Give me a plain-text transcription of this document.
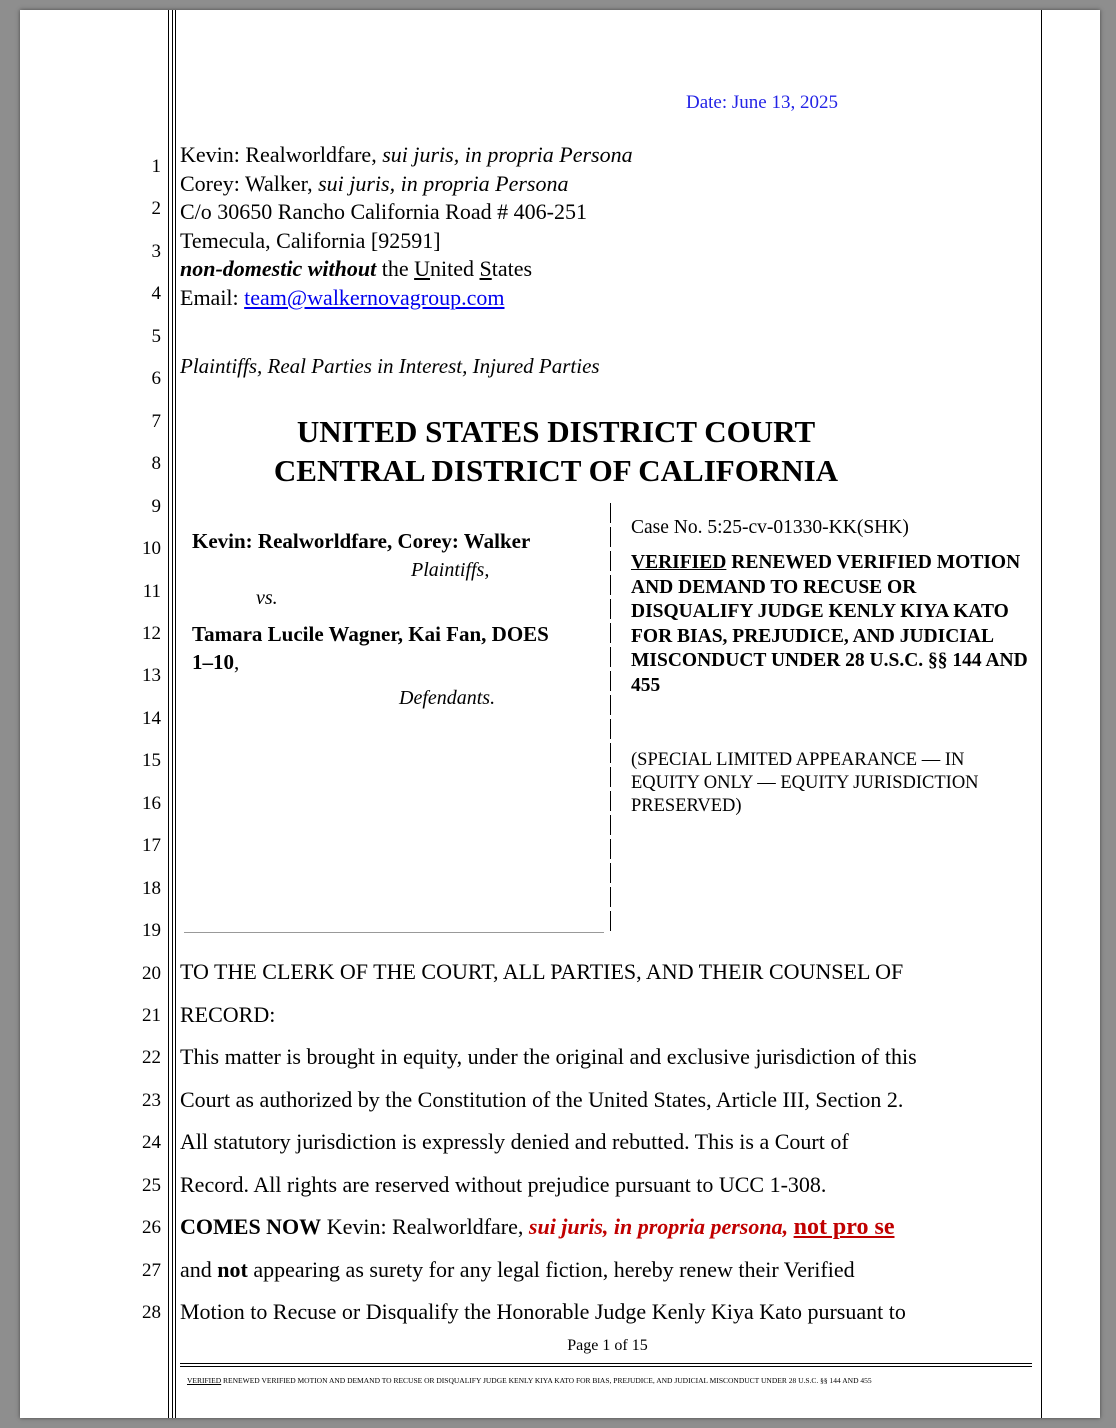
Date: June 13, 2025
1
2
3
4
5
6
7
8
9
10
11
12
13
14
15
16
17
18
19
20
21
22
23
24
25
26
27
28
Kevin: Realworldfare, sui juris, in propria Persona
Corey: Walker, sui juris, in propria Persona
C/o 30650 Rancho California Road # 406-251
Temecula, California [92591]
non-domestic without the United States
Email: team@walkernovagroup.com
Plaintiffs, Real Parties in Interest, Injured Parties
UNITED STATES DISTRICT COURT
CENTRAL DISTRICT OF CALIFORNIA
Kevin: Realworldfare, Corey: Walker
Plaintiffs,
vs.
Tamara Lucile Wagner, Kai Fan, DOES
1–10,
Defendants.
Case No. 5:25-cv-01330-KK(SHK)
VERIFIED RENEWED VERIFIED MOTION AND DEMAND TO RECUSE OR DISQUALIFY JUDGE KENLY KIYA KATO FOR BIAS, PREJUDICE, AND JUDICIAL MISCONDUCT UNDER 28 U.S.C. §§ 144 AND 455
(SPECIAL LIMITED APPEARANCE — IN EQUITY ONLY — EQUITY JURISDICTION PRESERVED)
TO THE CLERK OF THE COURT, ALL PARTIES, AND THEIR COUNSEL OF
RECORD:
This matter is brought in equity, under the original and exclusive jurisdiction of this
Court as authorized by the Constitution of the United States, Article III, Section 2.
All statutory jurisdiction is expressly denied and rebutted. This is a Court of
Record. All rights are reserved without prejudice pursuant to UCC 1-308.
COMES NOW Kevin: Realworldfare, sui juris, in propria persona, not pro se
and not appearing as surety for any legal fiction, hereby renew their Verified
Motion to Recuse or Disqualify the Honorable Judge Kenly Kiya Kato pursuant to
Page 1 of 15
VERIFIED RENEWED VERIFIED MOTION AND DEMAND TO RECUSE OR DISQUALIFY JUDGE KENLY KIYA KATO FOR BIAS, PREJUDICE, AND JUDICIAL MISCONDUCT UNDER 28 U.S.C. §§ 144 AND 455
